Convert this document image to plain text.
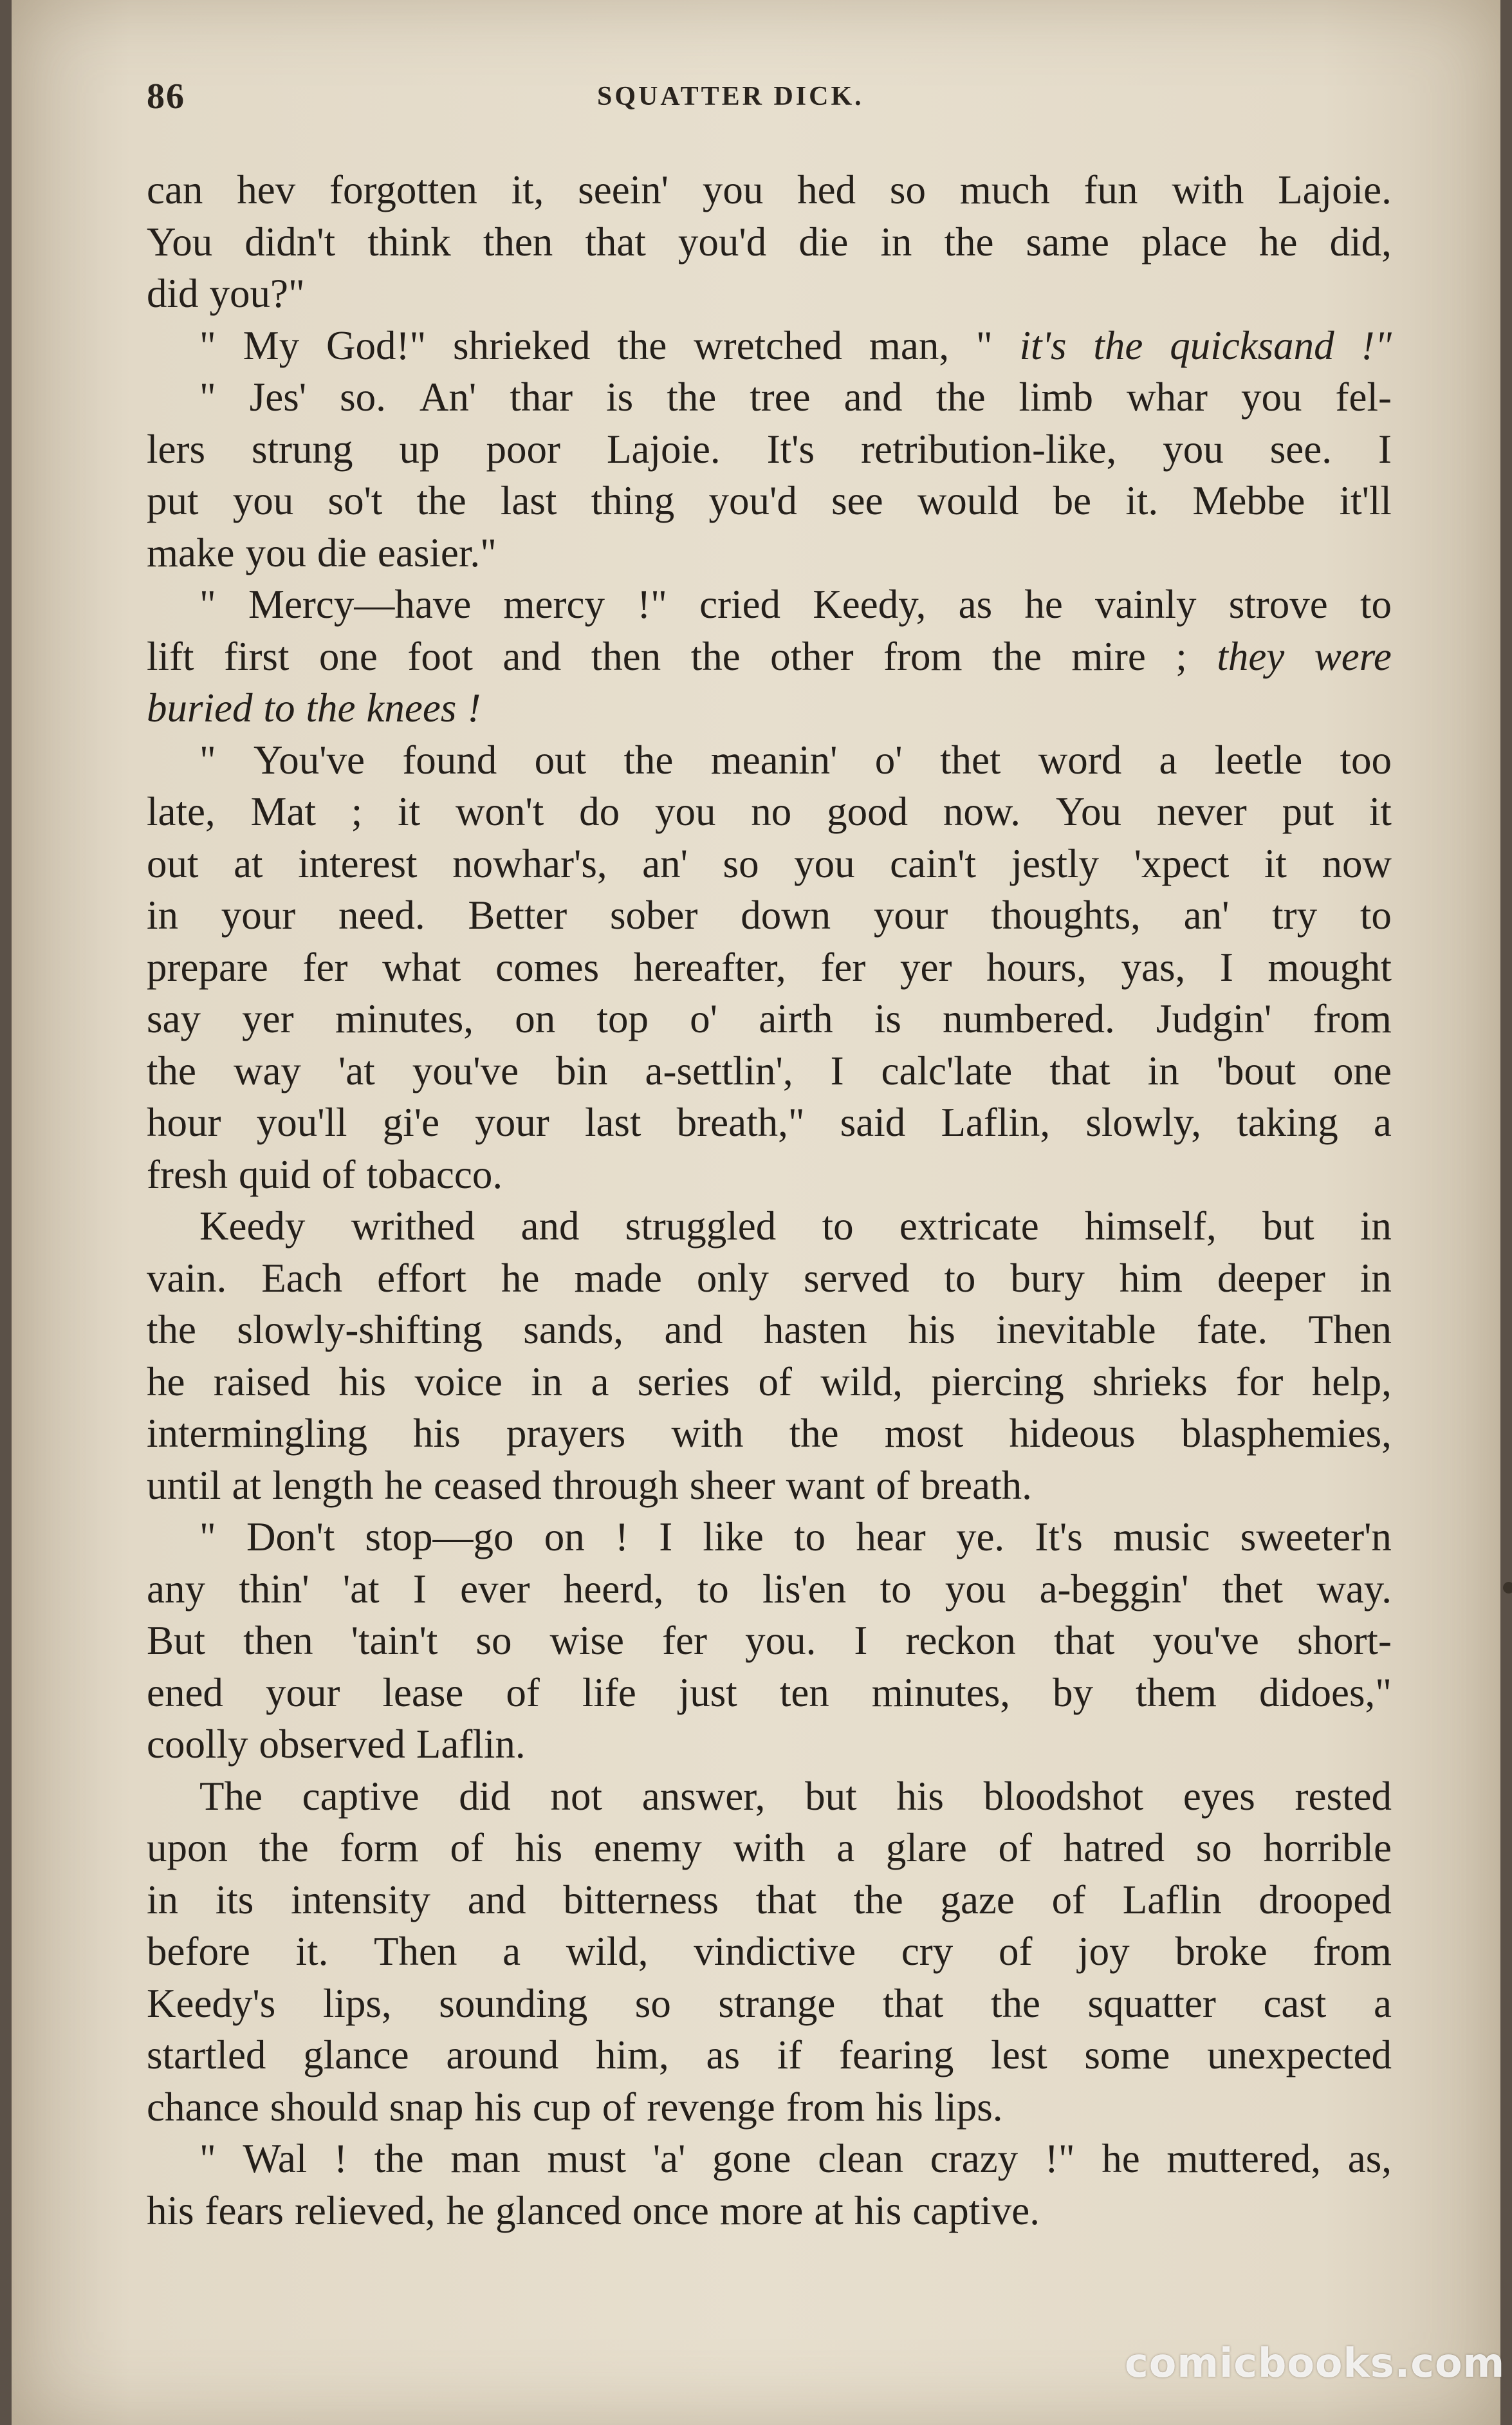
86	SQUATTER DICK.
can hev forgotten it, seein' you hed so much fun with Lajoie.
You didn't think then that you'd die in the same place he did,
did you?"
" My God!" shrieked the wretched man, " it's the quicksand !"
" Jes' so. An' thar is the tree and the limb whar you fel-
lers strung up poor Lajoie. It's retribution-like, you see. I
put you so't the last thing you'd see would be it. Mebbe it'll
make you die easier."
" Mercy—have mercy !" cried Keedy, as he vainly strove to
lift first one foot and then the other from the mire ; they were
buried to the knees !
" You've found out the meanin' o' thet word a leetle too
late, Mat ; it won't do you no good now. You never put it
out at interest nowhar's, an' so you cain't jestly 'xpect it now
in your need. Better sober down your thoughts, an' try to
prepare fer what comes hereafter, fer yer hours, yas, I mought
say yer minutes, on top o' airth is numbered. Judgin' from
the way 'at you've bin a-settlin', I calc'late that in 'bout one
hour you'll gi'e your last breath," said Laflin, slowly, taking a
fresh quid of tobacco.
Keedy writhed and struggled to extricate himself, but in
vain. Each effort he made only served to bury him deeper in
the slowly-shifting sands, and hasten his inevitable fate. Then
he raised his voice in a series of wild, piercing shrieks for help,
intermingling his prayers with the most hideous blasphemies,
until at length he ceased through sheer want of breath.
" Don't stop—go on ! I like to hear ye. It's music sweeter'n
any thin' 'at I ever heerd, to lis'en to you a-beggin' thet way.
But then 'tain't so wise fer you. I reckon that you've short-
ened your lease of life just ten minutes, by them didoes,"
coolly observed Laflin.
The captive did not answer, but his bloodshot eyes rested
upon the form of his enemy with a glare of hatred so horrible
in its intensity and bitterness that the gaze of Laflin drooped
before it. Then a wild, vindictive cry of joy broke from
Keedy's lips, sounding so strange that the squatter cast a
startled glance around him, as if fearing lest some unexpected
chance should snap his cup of revenge from his lips.
" Wal ! the man must 'a' gone clean crazy !" he muttered, as,
his fears relieved, he glanced once more at his captive.
comicbooks.com
